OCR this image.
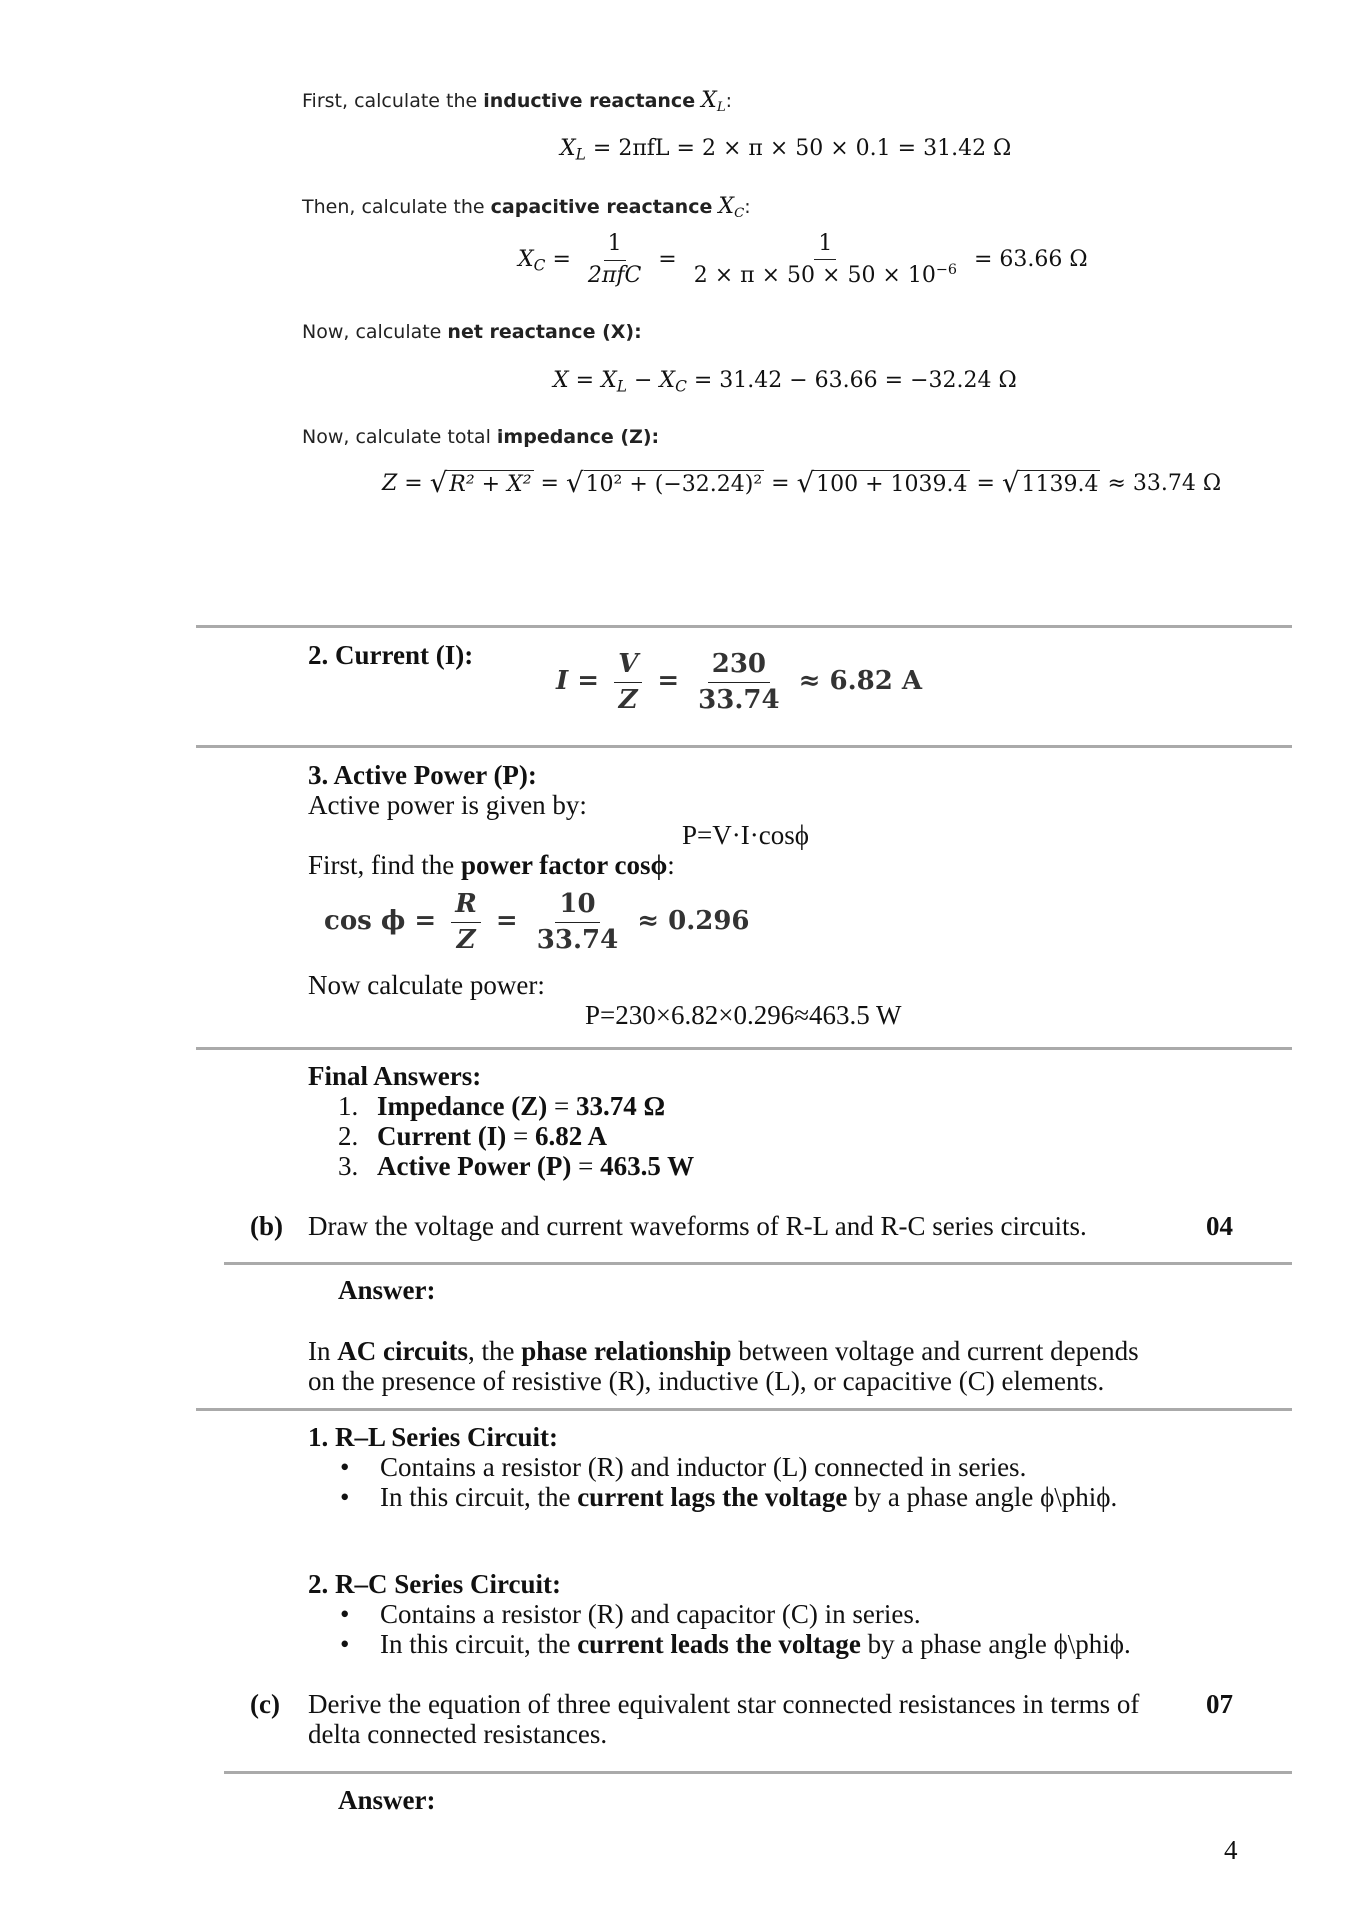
First, calculate the inductive reactance $X_L$:
$X_L = 2\pi fL = 2 \times \pi \times 50 \times 0.1 = 31.42$ Ω
Then, calculate the capacitive reactance $X_C$:
$X_C = \frac{1}{\text{2πfC}} = \frac{1}{2 \times \pi \times 50 \times 50 \times 10^{-6}} = 63.66$ Ω
Now, calculate net reactance (X):
$X = X_L - X_C = 31.42 - 63.66 = -32.24$ Ω
Now, calculate total impedance (Z):
Z = √ R² + X² = √ 10² + (−32.24)² = √ 100 + 1039.4 = √ 1139.4 ≈ 33.74 Ω
2. Current (I):
$I = \frac{V}{Z} = \frac{230}{33.74} \approx 6.82$ A
3. Active Power (P):
Active power is given by:
P=V·I·cosϕ
First, find the power factor cosϕ:
$\cos \phi = \frac{R}{Z} = \frac{10}{33.74} \approx 0.296$
Now calculate power:
P=230×6.82×0.296≈463.5 W
Final Answers:
1. Impedance (Z) = 33.74 Ω
2. Current (I) = 6.82 A
3. Active Power (P) = 463.5 W
(b) Draw the voltage and current waveforms of R-L and R-C series circuits.	04
Answer:
In AC circuits, the phase relationship between voltage and current depends
on the presence of resistive (R), inductive (L), or capacitive (C) elements.
1. R–L Series Circuit:
• Contains a resistor (R) and inductor (L) connected in series.
• In this circuit, the current lags the voltage by a phase angle ϕ\phiϕ.
2. R–C Series Circuit:
• Contains a resistor (R) and capacitor (C) in series.
• In this circuit, the current leads the voltage by a phase angle ϕ\phiϕ.
(c) Derive the equation of three equivalent star connected resistances in terms of
delta connected resistances.
07
Answer:
4
